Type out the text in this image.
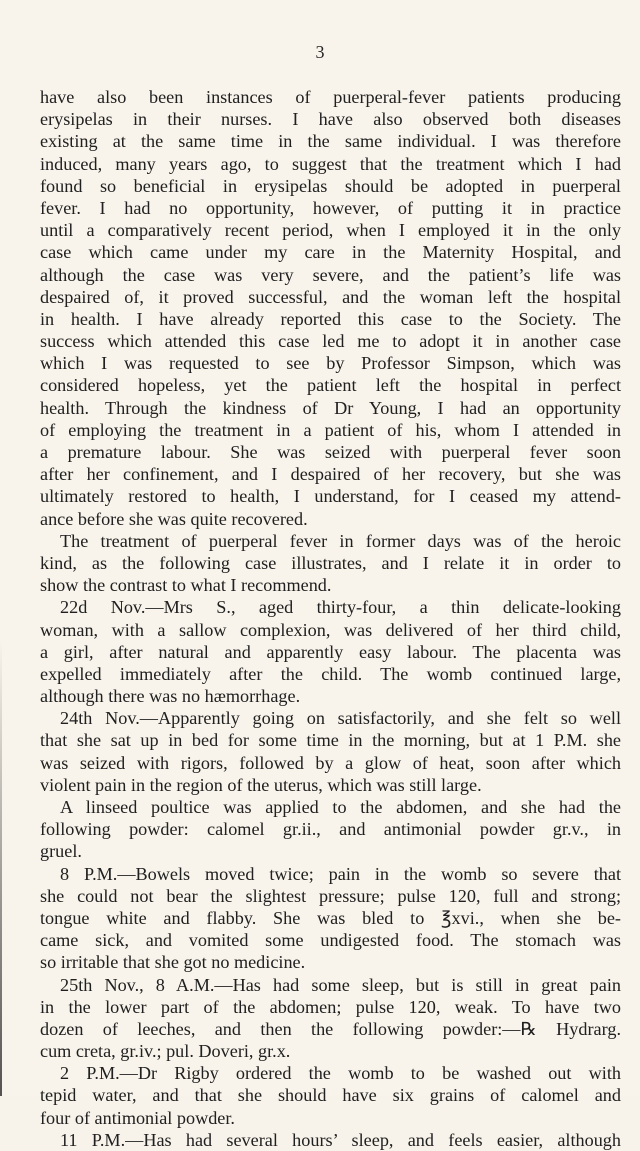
3
have also been instances of puerperal-fever patients producing
erysipelas in their nurses. I have also observed both diseases
existing at the same time in the same individual. I was therefore
induced, many years ago, to suggest that the treatment which I had
found so beneficial in erysipelas should be adopted in puerperal
fever. I had no opportunity, however, of putting it in practice
until a comparatively recent period, when I employed it in the only
case which came under my care in the Maternity Hospital, and
although the case was very severe, and the patient’s life was
despaired of, it proved successful, and the woman left the hospital
in health. I have already reported this case to the Society. The
success which attended this case led me to adopt it in another case
which I was requested to see by Professor Simpson, which was
considered hopeless, yet the patient left the hospital in perfect
health. Through the kindness of Dr Young, I had an opportunity
of employing the treatment in a patient of his, whom I attended in
a premature labour. She was seized with puerperal fever soon
after her confinement, and I despaired of her recovery, but she was
ultimately restored to health, I understand, for I ceased my attend-
ance before she was quite recovered.
The treatment of puerperal fever in former days was of the heroic
kind, as the following case illustrates, and I relate it in order to
show the contrast to what I recommend.
22d Nov.—Mrs S., aged thirty-four, a thin delicate-looking
woman, with a sallow complexion, was delivered of her third child,
a girl, after natural and apparently easy labour. The placenta was
expelled immediately after the child. The womb continued large,
although there was no hæmorrhage.
24th Nov.—Apparently going on satisfactorily, and she felt so well
that she sat up in bed for some time in the morning, but at 1 P.M. she
was seized with rigors, followed by a glow of heat, soon after which
violent pain in the region of the uterus, which was still large.
A linseed poultice was applied to the abdomen, and she had the
following powder: calomel gr.ii., and antimonial powder gr.v., in
gruel.
8 P.M.—Bowels moved twice; pain in the womb so severe that
she could not bear the slightest pressure; pulse 120, full and strong;
tongue white and flabby. She was bled to ℥xvi., when she be-
came sick, and vomited some undigested food. The stomach was
so irritable that she got no medicine.
25th Nov., 8 A.M.—Has had some sleep, but is still in great pain
in the lower part of the abdomen; pulse 120, weak. To have two
dozen of leeches, and then the following powder:—℞ Hydrarg.
cum creta, gr.iv.; pul. Doveri, gr.x.
2 P.M.—Dr Rigby ordered the womb to be washed out with
tepid water, and that she should have six grains of calomel and
four of antimonial powder.
11 P.M.—Has had several hours’ sleep, and feels easier, although
